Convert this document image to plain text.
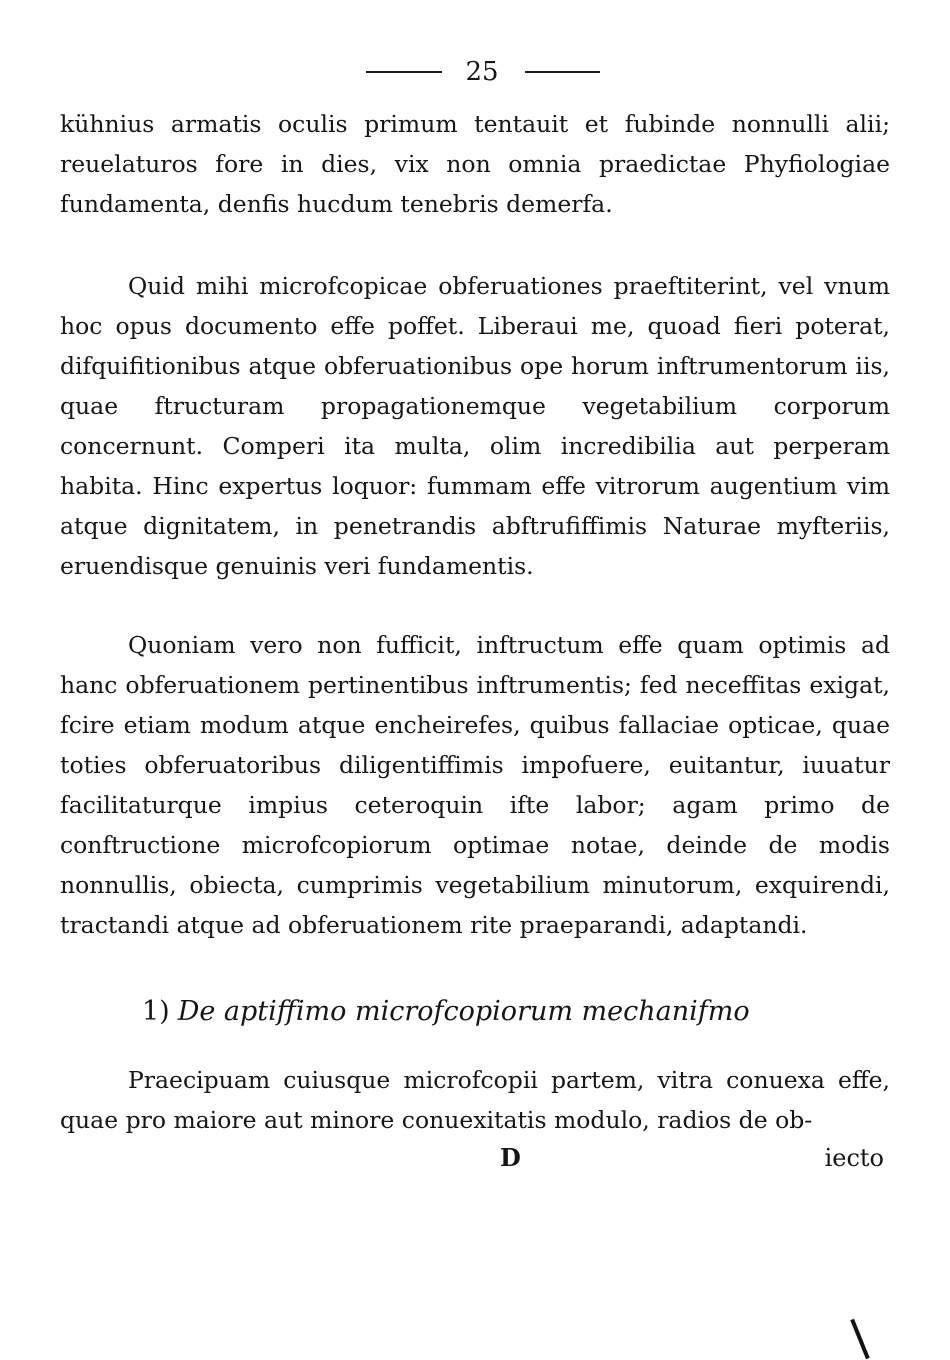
25

kühnius armatis oculis primum tentauit et fubinde nonnulli alii; reuelaturos fore in dies, vix non omnia praedictae Phyfiologiae fundamenta, denfis hucdum tenebris demerfa.

Quid mihi microfcopicae obferuationes praeftiterint, vel vnum hoc opus documento effe poffet. Liberaui me, quoad fieri poterat, difquifitionibus atque obferuationibus ope horum inftrumentorum iis, quae ftructuram propagationemque vegetabilium corporum concernunt. Comperi ita multa, olim incredibilia aut perperam habita. Hinc expertus loquor: fummam effe vitrorum augentium vim atque dignitatem, in penetrandis abftrufiffimis Naturae myfteriis, eruendisque genuinis veri fundamentis.

Quoniam vero non fufficit, inftructum effe quam optimis ad hanc obferuationem pertinentibus inftrumentis; fed neceffitas exigat, fcire etiam modum atque encheirefes, quibus fallaciae opticae, quae toties obferuatoribus diligentiffimis impofuere, euitantur, iuuatur facilitaturque impius ceteroquin ifte labor; agam primo de conftructione microfcopiorum optimae notae, deinde de modis nonnullis, obiecta, cumprimis vegetabilium minutorum, exquirendi, tractandi atque ad obferuationem rite praeparandi, adaptandi.

1) De aptiffimo microfcopiorum mechanifmo

Praecipuam cuiusque microfcopii partem, vitra conuexa effe, quae pro maiore aut minore conuexitatis modulo, radios de ob-

D	iecto
